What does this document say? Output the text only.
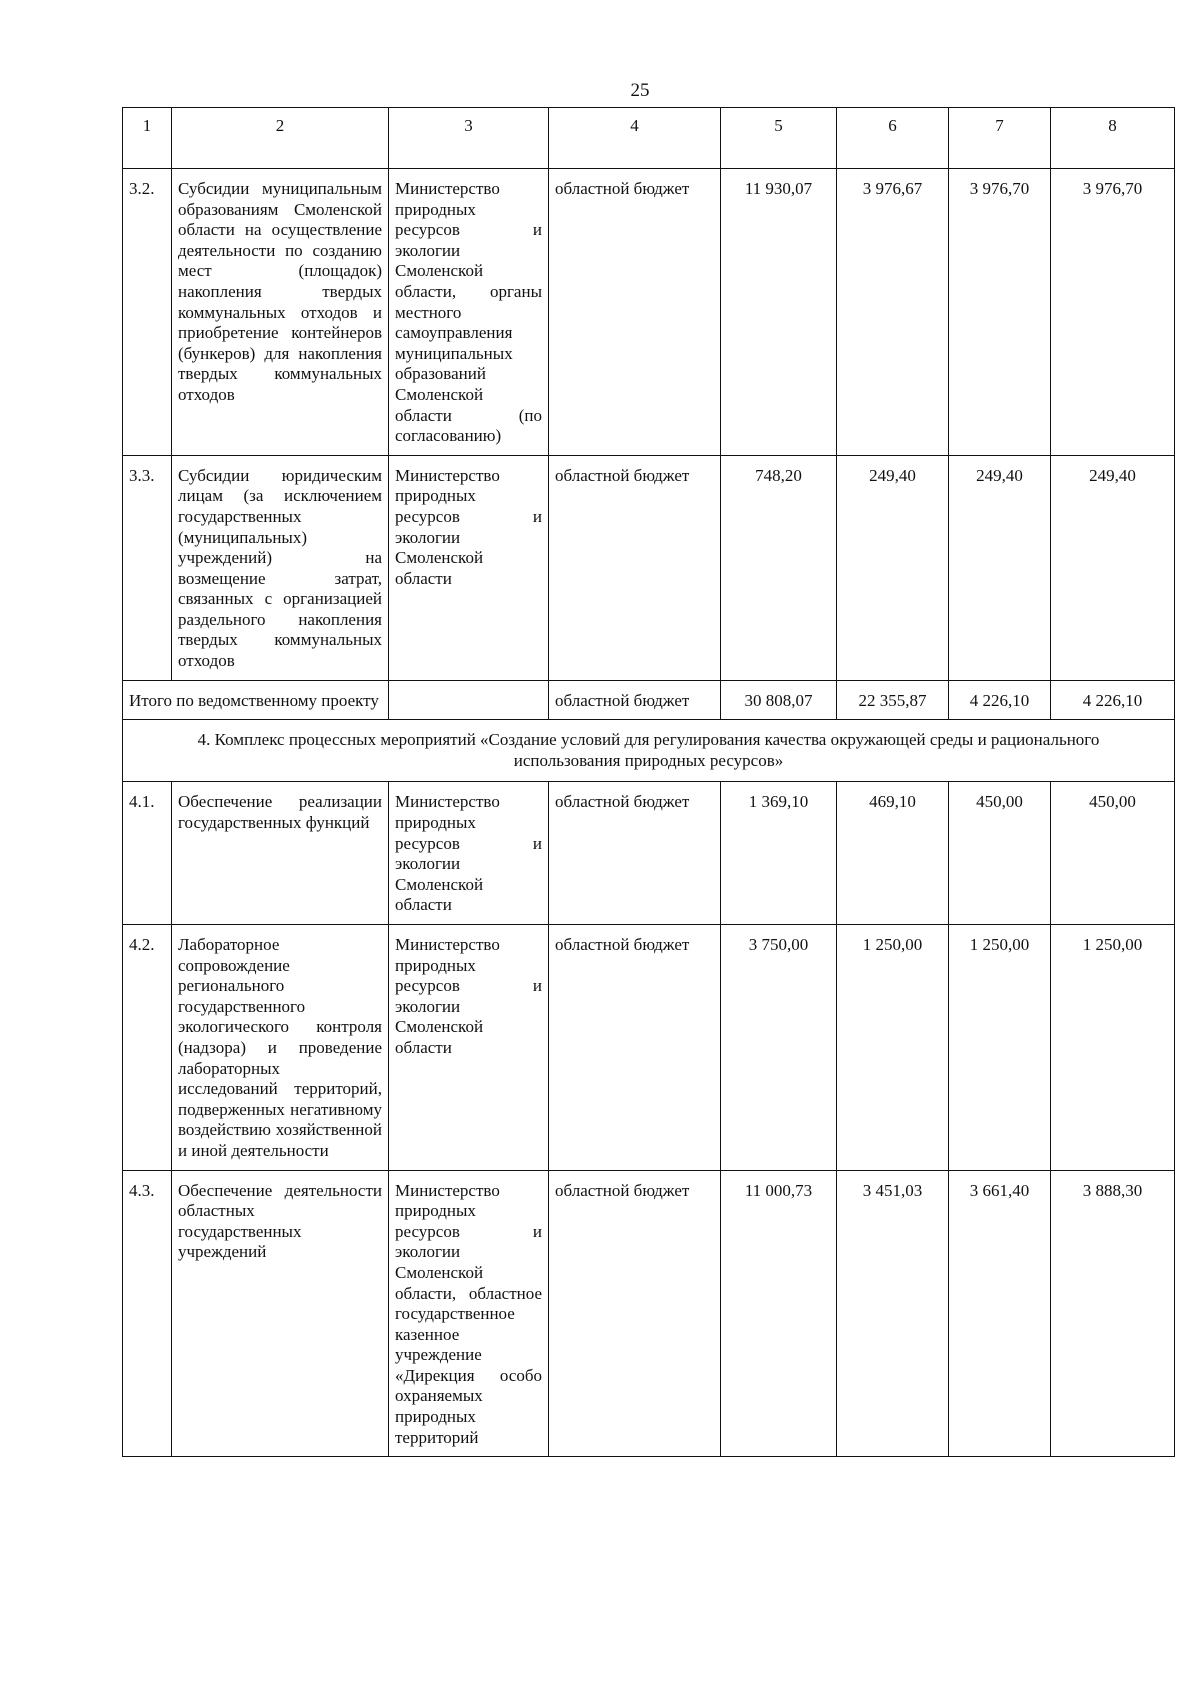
25
1	2	3	4	5	6	7	8
3.2.	Субсидии муниципальным образованиям Смоленской области на осуществление деятельности по созданию мест (площадок) накопления твердых коммунальных отходов и приобретение контейнеров (бункеров) для накопления твердых коммунальных отходов	Министерство природных ресурсов и экологии Смоленской области, органы местного самоуправления муниципальных образований Смоленской области (по согласованию)	областной бюджет	11 930,07	3 976,67	3 976,70	3 976,70
3.3.	Субсидии юридическим лицам (за исключением государственных (муниципальных) учреждений) на возмещение затрат, связанных с организацией раздельного накопления твердых коммунальных отходов	Министерство природных ресурсов и экологии Смоленской области	областной бюджет	748,20	249,40	249,40	249,40
Итого по ведомственному проекту			областной бюджет	30 808,07	22 355,87	4 226,10	4 226,10
4. Комплекс процессных мероприятий «Создание условий для регулирования качества окружающей среды и рационального использования природных ресурсов»							
4.1.	Обеспечение реализации государственных функций	Министерство природных ресурсов и экологии Смоленской области	областной бюджет	1 369,10	469,10	450,00	450,00
4.2.	Лабораторное сопровождение регионального государственного экологического контроля (надзора) и проведение лабораторных исследований территорий, подверженных негативному воздействию хозяйственной и иной деятельности	Министерство природных ресурсов и экологии Смоленской области	областной бюджет	3 750,00	1 250,00	1 250,00	1 250,00
4.3.	Обеспечение деятельности областных государственных учреждений	Министерство природных ресурсов и экологии Смоленской области, областное государственное казенное учреждение «Дирекция особо охраняемых природных территорий	областной бюджет	11 000,73	3 451,03	3 661,40	3 888,30
